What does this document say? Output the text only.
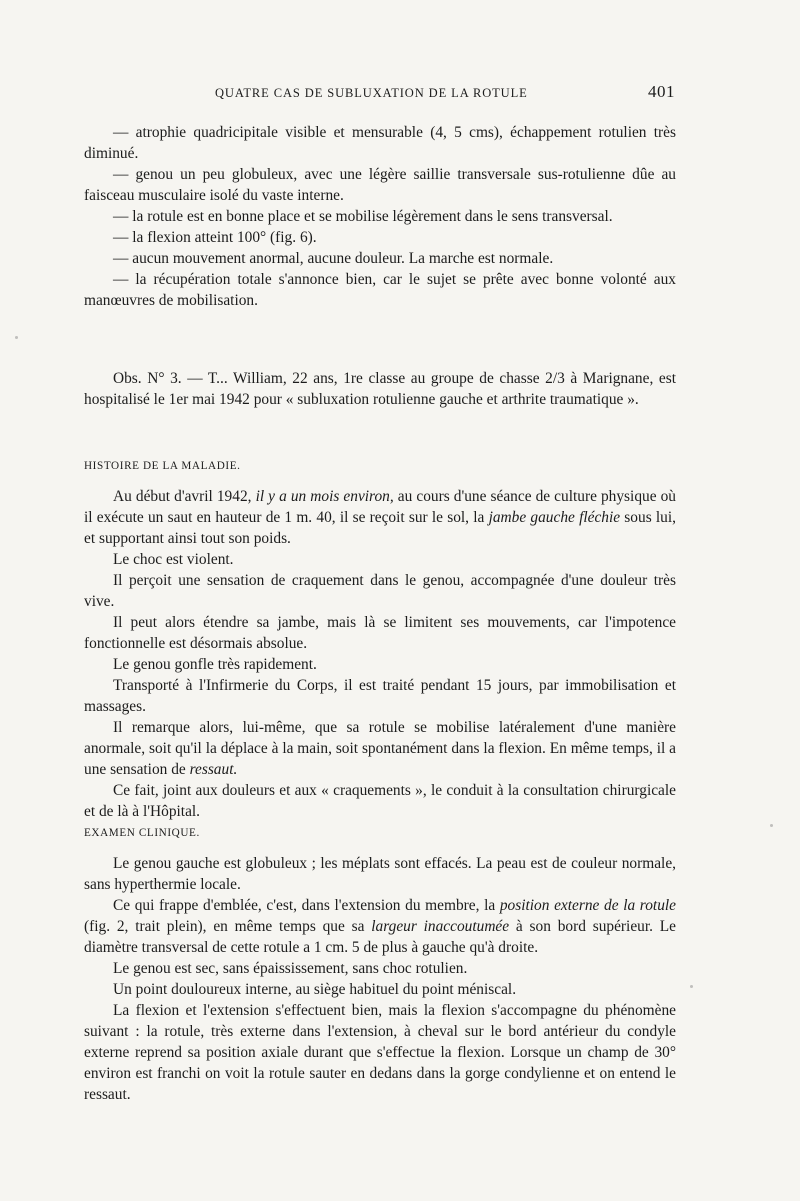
QUATRE CAS DE SUBLUXATION DE LA ROTULE	401

— atrophie quadricipitale visible et mensurable (4, 5 cms), échappement rotulien très diminué.

— genou un peu globuleux, avec une légère saillie transversale sus-rotulienne dûe au faisceau musculaire isolé du vaste interne.

— la rotule est en bonne place et se mobilise légèrement dans le sens transversal.

— la flexion atteint 100° (fig. 6).

— aucun mouvement anormal, aucune douleur. La marche est normale.

— la récupération totale s'annonce bien, car le sujet se prête avec bonne volonté aux manœuvres de mobilisation.

Obs. N° 3. — T... William, 22 ans, 1re classe au groupe de chasse 2/3 à Marignane, est hospitalisé le 1er mai 1942 pour « subluxation rotulienne gauche et arthrite traumatique ».

HISTOIRE DE LA MALADIE.

Au début d'avril 1942, il y a un mois environ, au cours d'une séance de culture physique où il exécute un saut en hauteur de 1 m. 40, il se reçoit sur le sol, la jambe gauche fléchie sous lui, et supportant ainsi tout son poids.

Le choc est violent.

Il perçoit une sensation de craquement dans le genou, accompagnée d'une douleur très vive.

Il peut alors étendre sa jambe, mais là se limitent ses mouvements, car l'impotence fonctionnelle est désormais absolue.

Le genou gonfle très rapidement.

Transporté à l'Infirmerie du Corps, il est traité pendant 15 jours, par immobilisation et massages.

Il remarque alors, lui-même, que sa rotule se mobilise latéralement d'une manière anormale, soit qu'il la déplace à la main, soit spontanément dans la flexion. En même temps, il a une sensation de ressaut.

Ce fait, joint aux douleurs et aux « craquements », le conduit à la consultation chirurgicale et de là à l'Hôpital.

EXAMEN CLINIQUE.

Le genou gauche est globuleux ; les méplats sont effacés. La peau est de couleur normale, sans hyperthermie locale.

Ce qui frappe d'emblée, c'est, dans l'extension du membre, la position externe de la rotule (fig. 2, trait plein), en même temps que sa largeur inaccoutumée à son bord supérieur. Le diamètre transversal de cette rotule a 1 cm. 5 de plus à gauche qu'à droite.

Le genou est sec, sans épaississement, sans choc rotulien.

Un point douloureux interne, au siège habituel du point méniscal.

La flexion et l'extension s'effectuent bien, mais la flexion s'accompagne du phénomène suivant : la rotule, très externe dans l'extension, à cheval sur le bord antérieur du condyle externe reprend sa position axiale durant que s'effectue la flexion. Lorsque un champ de 30° environ est franchi on voit la rotule sauter en dedans dans la gorge condylienne et on entend le ressaut.
